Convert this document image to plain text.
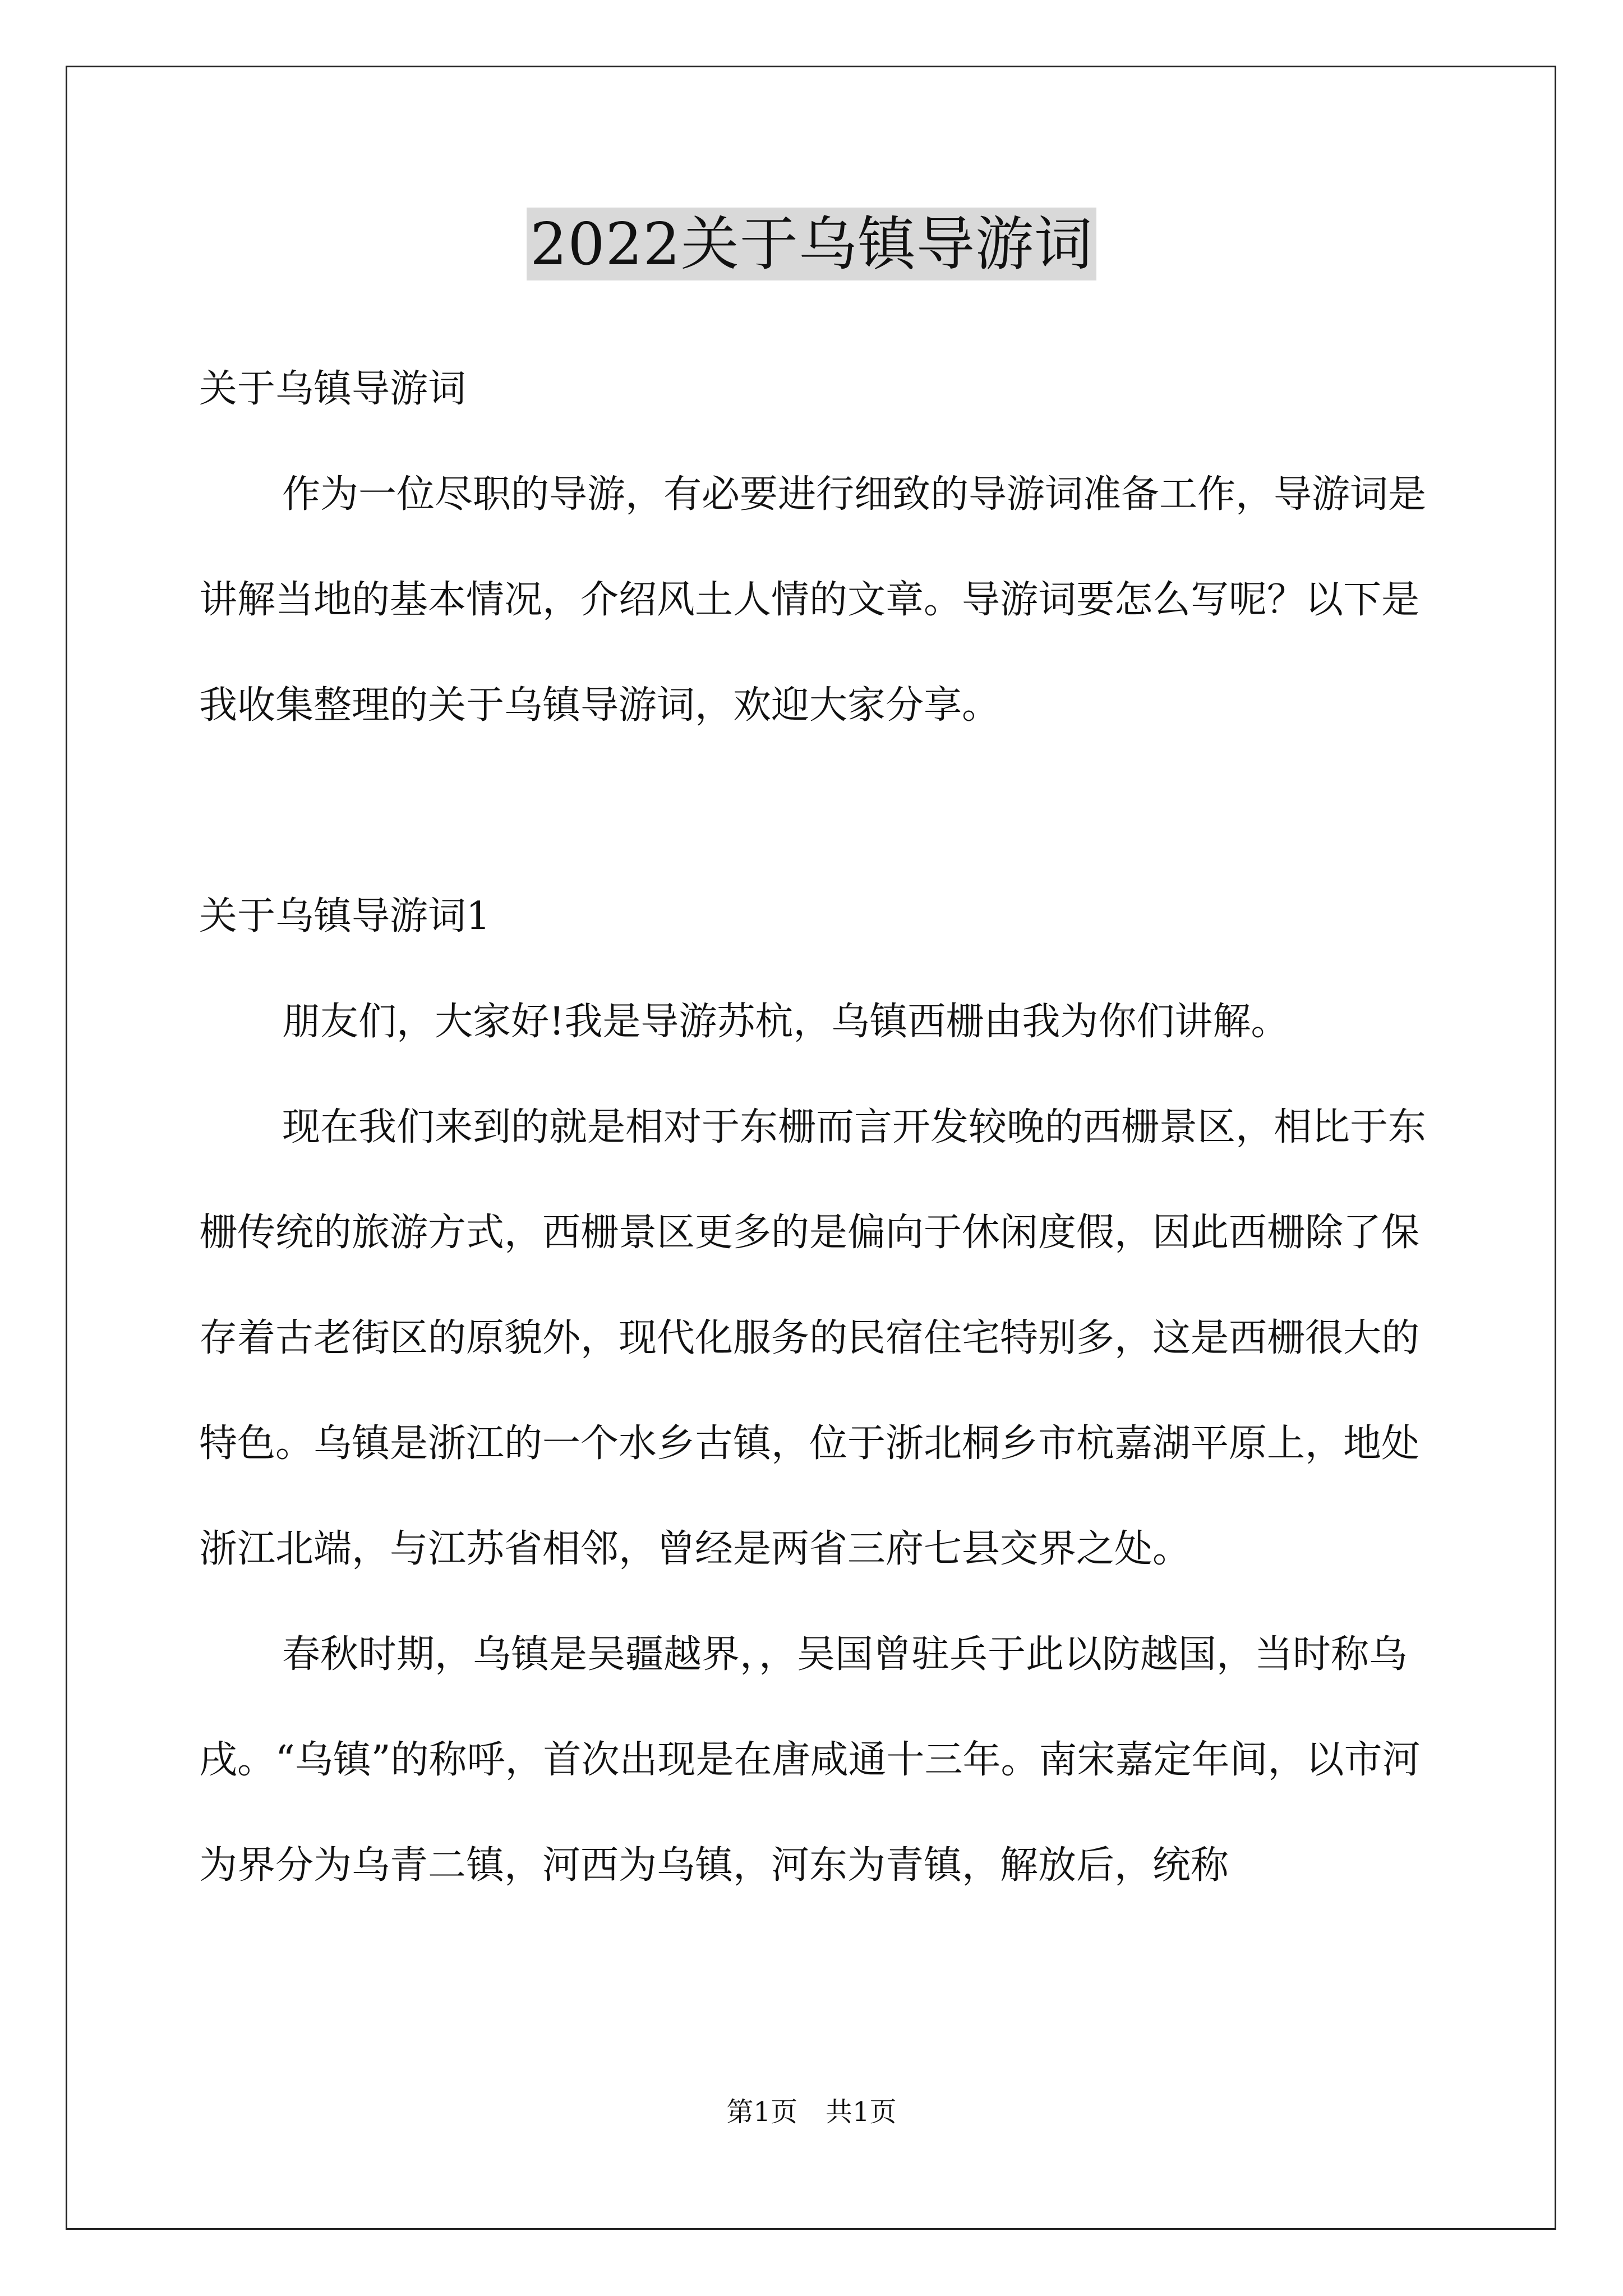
2022关于乌镇导游词

关于乌镇导游词

作为一位尽职的导游，有必要进行细致的导游词准备工作，导游词是讲解当地的基本情况，介绍风土人情的文章。导游词要怎么写呢？以下是我收集整理的关于乌镇导游词，欢迎大家分享。

关于乌镇导游词1

朋友们，大家好!我是导游苏杭，乌镇西栅由我为你们讲解。

现在我们来到的就是相对于东栅而言开发较晚的西栅景区，相比于东栅传统的旅游方式，西栅景区更多的是偏向于休闲度假，因此西栅除了保存着古老街区的原貌外，现代化服务的民宿住宅特别多，这是西栅很大的特色。乌镇是浙江的一个水乡古镇，位于浙北桐乡市杭嘉湖平原上，地处浙江北端，与江苏省相邻，曾经是两省三府七县交界之处。

春秋时期，乌镇是吴疆越界，，吴国曾驻兵于此以防越国，当时称乌戌。“乌镇”的称呼，首次出现是在唐咸通十三年。南宋嘉定年间，以市河为界分为乌青二镇，河西为乌镇，河东为青镇，解放后，统称

第1页 共1页
